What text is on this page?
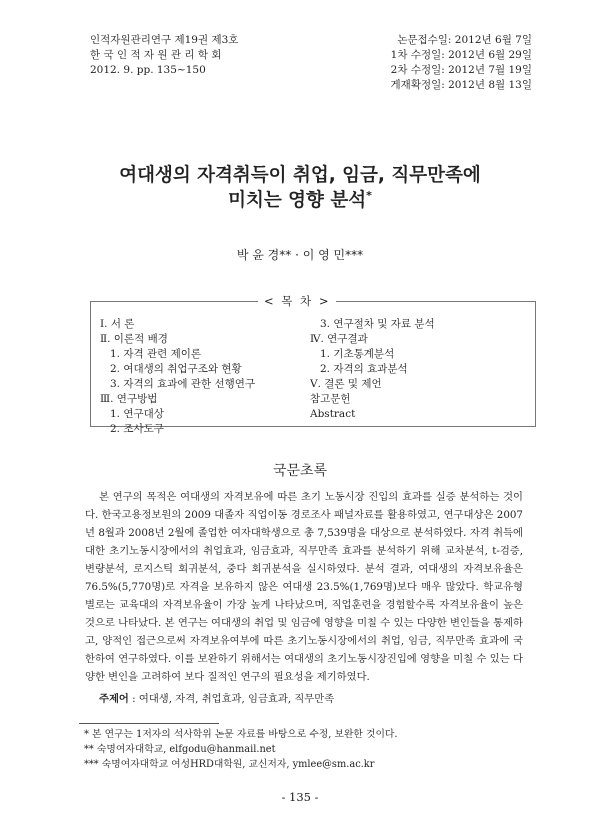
인적자원관리연구 제19권 제3호
한 국 인 적 자 원 관 리 학 회
2012. 9. pp. 135~150
논문접수일: 2012년 6월 7일
1차 수정일: 2012년 6월 29일
2차 수정일: 2012년 7월 19일
게재확정일: 2012년 8월 13일
여대생의 자격취득이 취업, 임금, 직무만족에
미치는 영향 분석*
박 윤 경** · 이 영 민***
< 목 차 >
Ⅰ. 서 론
Ⅱ. 이론적 배경
1. 자격 관련 제이론
2. 여대생의 취업구조와 현황
3. 자격의 효과에 관한 선행연구
Ⅲ. 연구방법
1. 연구대상
2. 조사도구
3. 연구절차 및 자료 분석
Ⅳ. 연구결과
1. 기초통계분석
2. 자격의 효과분석
Ⅴ. 결론 및 제언
참고문헌
Abstract
국문초록

본 연구의 목적은 여대생의 자격보유에 따른 초기 노동시장 진입의 효과를 실증 분석하는 것이다. 한국고용정보원의 2009 대졸자 직업이동 경로조사 패널자료를 활용하였고, 연구대상은 2007년 8월과 2008년 2월에 졸업한 여자대학생으로 총 7,539명을 대상으로 분석하였다. 자격 취득에 대한 초기노동시장에서의 취업효과, 임금효과, 직무만족 효과를 분석하기 위해 교차분석, t-검증, 변량분석, 로지스틱 회귀분석, 중다 회귀분석을 실시하였다. 분석 결과, 여대생의 자격보유율은 76.5%(5,770명)로 자격을 보유하지 않은 여대생 23.5%(1,769명)보다 매우 많았다. 학교유형별로는 교육대의 자격보유율이 가장 높게 나타났으며, 직업훈련을 경험할수록 자격보유율이 높은 것으로 나타났다. 본 연구는 여대생의 취업 및 임금에 영향을 미칠 수 있는 다양한 변인들을 통제하고, 양적인 접근으로써 자격보유여부에 따른 초기노동시장에서의 취업, 임금, 직무만족 효과에 국한하여 연구하였다. 이를 보완하기 위해서는 여대생의 초기노동시장진입에 영향을 미칠 수 있는 다양한 변인을 고려하여 보다 질적인 연구의 필요성을 제기하였다.

주제어 : 여대생, 자격, 취업효과, 임금효과, 직무만족
* 본 연구는 1저자의 석사학위 논문 자료를 바탕으로 수정, 보완한 것이다.
** 숙명여자대학교, elfgodu@hanmail.net
*** 숙명여자대학교 여성HRD대학원, 교신저자, ymlee@sm.ac.kr
- 135 -
